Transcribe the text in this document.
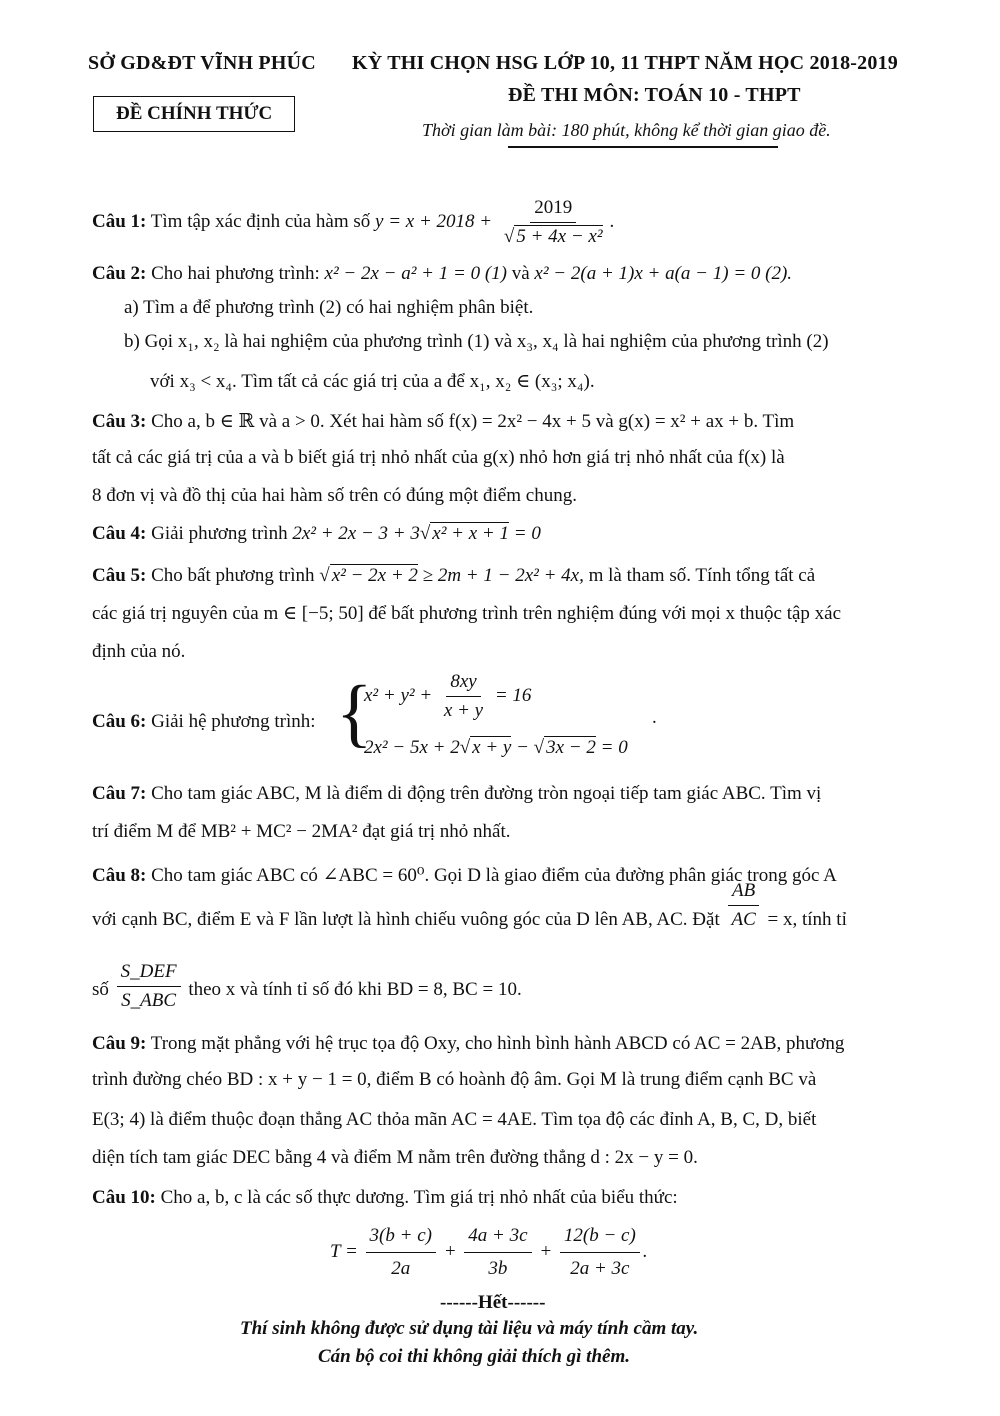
SỞ GD&ĐT VĨNH PHÚC KỲ THI CHỌN HSG LỚP 10, 11 THPT NĂM HỌC 2018-2019
ĐỀ CHÍNH THỨC
ĐỀ THI MÔN: TOÁN 10 - THPT
Thời gian làm bài: 180 phút, không kể thời gian giao đề.
Câu 1: Tìm tập xác định của hàm số $y = x + 2018 + \frac{2019}{\text{√ 5 + 4x − x²}}$ .
Câu 2: Cho hai phương trình: x² − 2x − a² + 1 = 0 (1) và x² − 2(a + 1)x + a(a − 1) = 0 (2).
a) Tìm a để phương trình (2) có hai nghiệm phân biệt.
b) Gọi x₁, x₂ là hai nghiệm của phương trình (1) và x₃, x₄ là hai nghiệm của phương trình (2)
với x₃ < x₄. Tìm tất cả các giá trị của a để x₁, x₂ ∈ (x₃; x₄).
Câu 3: Cho a, b ∈ ℝ và a > 0. Xét hai hàm số f(x) = 2x² − 4x + 5 và g(x) = x² + ax + b. Tìm
tất cả các giá trị của a và b biết giá trị nhỏ nhất của g(x) nhỏ hơn giá trị nhỏ nhất của f(x) là
8 đơn vị và đồ thị của hai hàm số trên có đúng một điểm chung.
Câu 4: Giải phương trình 2x² + 2x − 3 + 3√ x² + x + 1 = 0
Câu 5: Cho bất phương trình √ x² − 2x + 2 ≥ 2m + 1 − 2x² + 4x, m là tham số. Tính tổng tất cả
các giá trị nguyên của m ∈ [−5; 50] để bất phương trình trên nghiệm đúng với mọi x thuộc tập xác
định của nó.
Câu 6: Giải hệ phương trình: {
$x^2 + y^2 + \frac{8xy}{x + y} = 16$
2x² − 5x + 2√ x + y − √ 3x − 2 = 0
.
Câu 7: Cho tam giác ABC, M là điểm di động trên đường tròn ngoại tiếp tam giác ABC. Tìm vị
trí điểm M để MB² + MC² − 2MA² đạt giá trị nhỏ nhất.
Câu 8: Cho tam giác ABC có ∠ABC = 60⁰. Gọi D là giao điểm của đường phân giác trong góc A
với cạnh BC, điểm E và F lần lượt là hình chiếu vuông góc của D lên AB, AC. Đặt $\frac{AB}{AC} = x$, tính tỉ
số $\frac{\text{S\_DEF}}{\text{S\_ABC}}$ theo x và tính tỉ số đó khi BD = 8, BC = 10.
Câu 9: Trong mặt phẳng với hệ trục tọa độ Oxy, cho hình bình hành ABCD có AC = 2AB, phương
trình đường chéo BD : x + y − 1 = 0, điểm B có hoành độ âm. Gọi M là trung điểm cạnh BC và
E(3; 4) là điểm thuộc đoạn thẳng AC thỏa mãn AC = 4AE. Tìm tọa độ các đỉnh A, B, C, D, biết
diện tích tam giác DEC bằng 4 và điểm M nằm trên đường thẳng d : 2x − y = 0.
Câu 10: Cho a, b, c là các số thực dương. Tìm giá trị nhỏ nhất của biểu thức:
$T = \frac{3(b + c)}{2a} + \frac{4a + 3c}{3b} + \frac{12(b - c)}{2a + 3c}$ .
------Hết------
Thí sinh không được sử dụng tài liệu và máy tính cầm tay.
Cán bộ coi thi không giải thích gì thêm.
